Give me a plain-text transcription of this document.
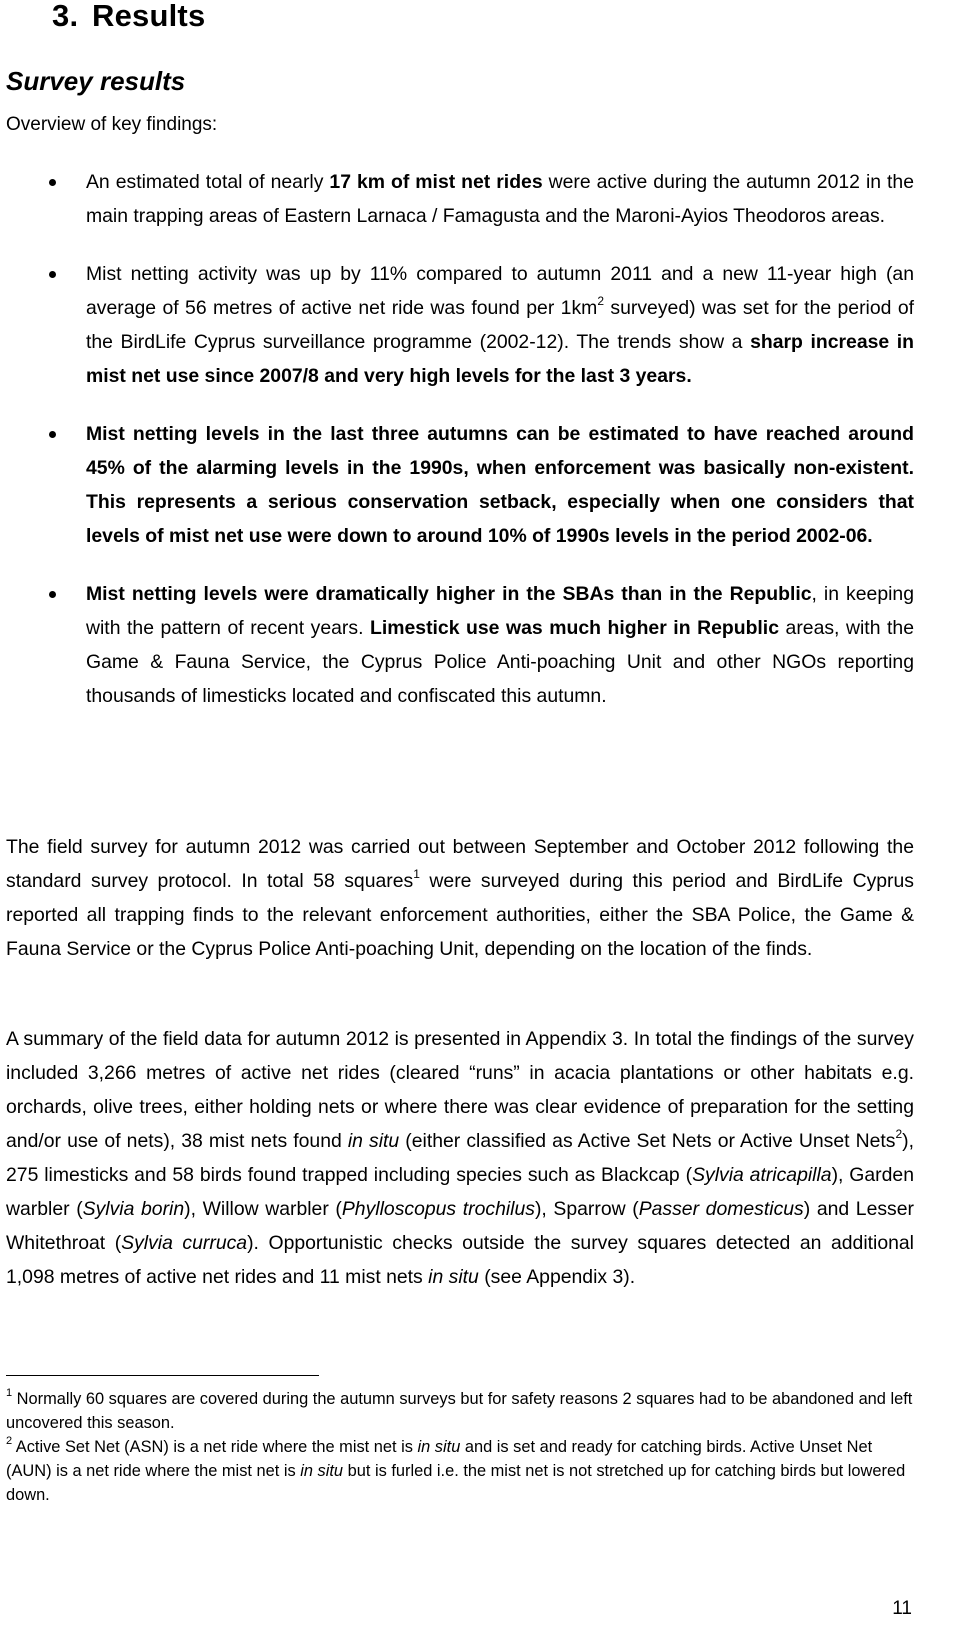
3. Results
Survey results
Overview of key findings:
An estimated total of nearly 17 km of mist net rides were active during the autumn 2012 in the main trapping areas of Eastern Larnaca / Famagusta and the Maroni-Ayios Theodoros areas.
Mist netting activity was up by 11% compared to autumn 2011 and a new 11-year high (an average of 56 metres of active net ride was found per $1km^2$ surveyed) was set for the period of the BirdLife Cyprus surveillance programme (2002-12). The trends show a sharp increase in mist net use since 2007/8 and very high levels for the last 3 years.
Mist netting levels in the last three autumns can be estimated to have reached around 45% of the alarming levels in the 1990s, when enforcement was basically non-existent. This represents a serious conservation setback, especially when one considers that levels of mist net use were down to around 10% of 1990s levels in the period 2002-06.
Mist netting levels were dramatically higher in the SBAs than in the Republic, in keeping with the pattern of recent years. Limestick use was much higher in Republic areas, with the Game & Fauna Service, the Cyprus Police Anti-poaching Unit and other NGOs reporting thousands of limesticks located and confiscated this autumn.

The field survey for autumn 2012 was carried out between September and October 2012 following the standard survey protocol. In total 58 squares$^1$ were surveyed during this period and BirdLife Cyprus reported all trapping finds to the relevant enforcement authorities, either the SBA Police, the Game & Fauna Service or the Cyprus Police Anti-poaching Unit, depending on the location of the finds.

A summary of the field data for autumn 2012 is presented in Appendix 3. In total the findings of the survey included 3,266 metres of active net rides (cleared “runs” in acacia plantations or other habitats e.g. orchards, olive trees, either holding nets or where there was clear evidence of preparation for the setting and/or use of nets), 38 mist nets found in situ (either classified as Active Set Nets or Active Unset Nets$^2$), 275 limesticks and 58 birds found trapped including species such as Blackcap (Sylvia atricapilla), Garden warbler (Sylvia borin), Willow warbler (Phylloscopus trochilus), Sparrow (Passer domesticus) and Lesser Whitethroat (Sylvia curruca). Opportunistic checks outside the survey squares detected an additional 1,098 metres of active net rides and 11 mist nets in situ (see Appendix 3).

$^1$ Normally 60 squares are covered during the autumn surveys but for safety reasons 2 squares had to be abandoned and left uncovered this season.

$^2$ Active Set Net (ASN) is a net ride where the mist net is in situ and is set and ready for catching birds. Active Unset Net (AUN) is a net ride where the mist net is in situ but is furled i.e. the mist net is not stretched up for catching birds but lowered down.

11
